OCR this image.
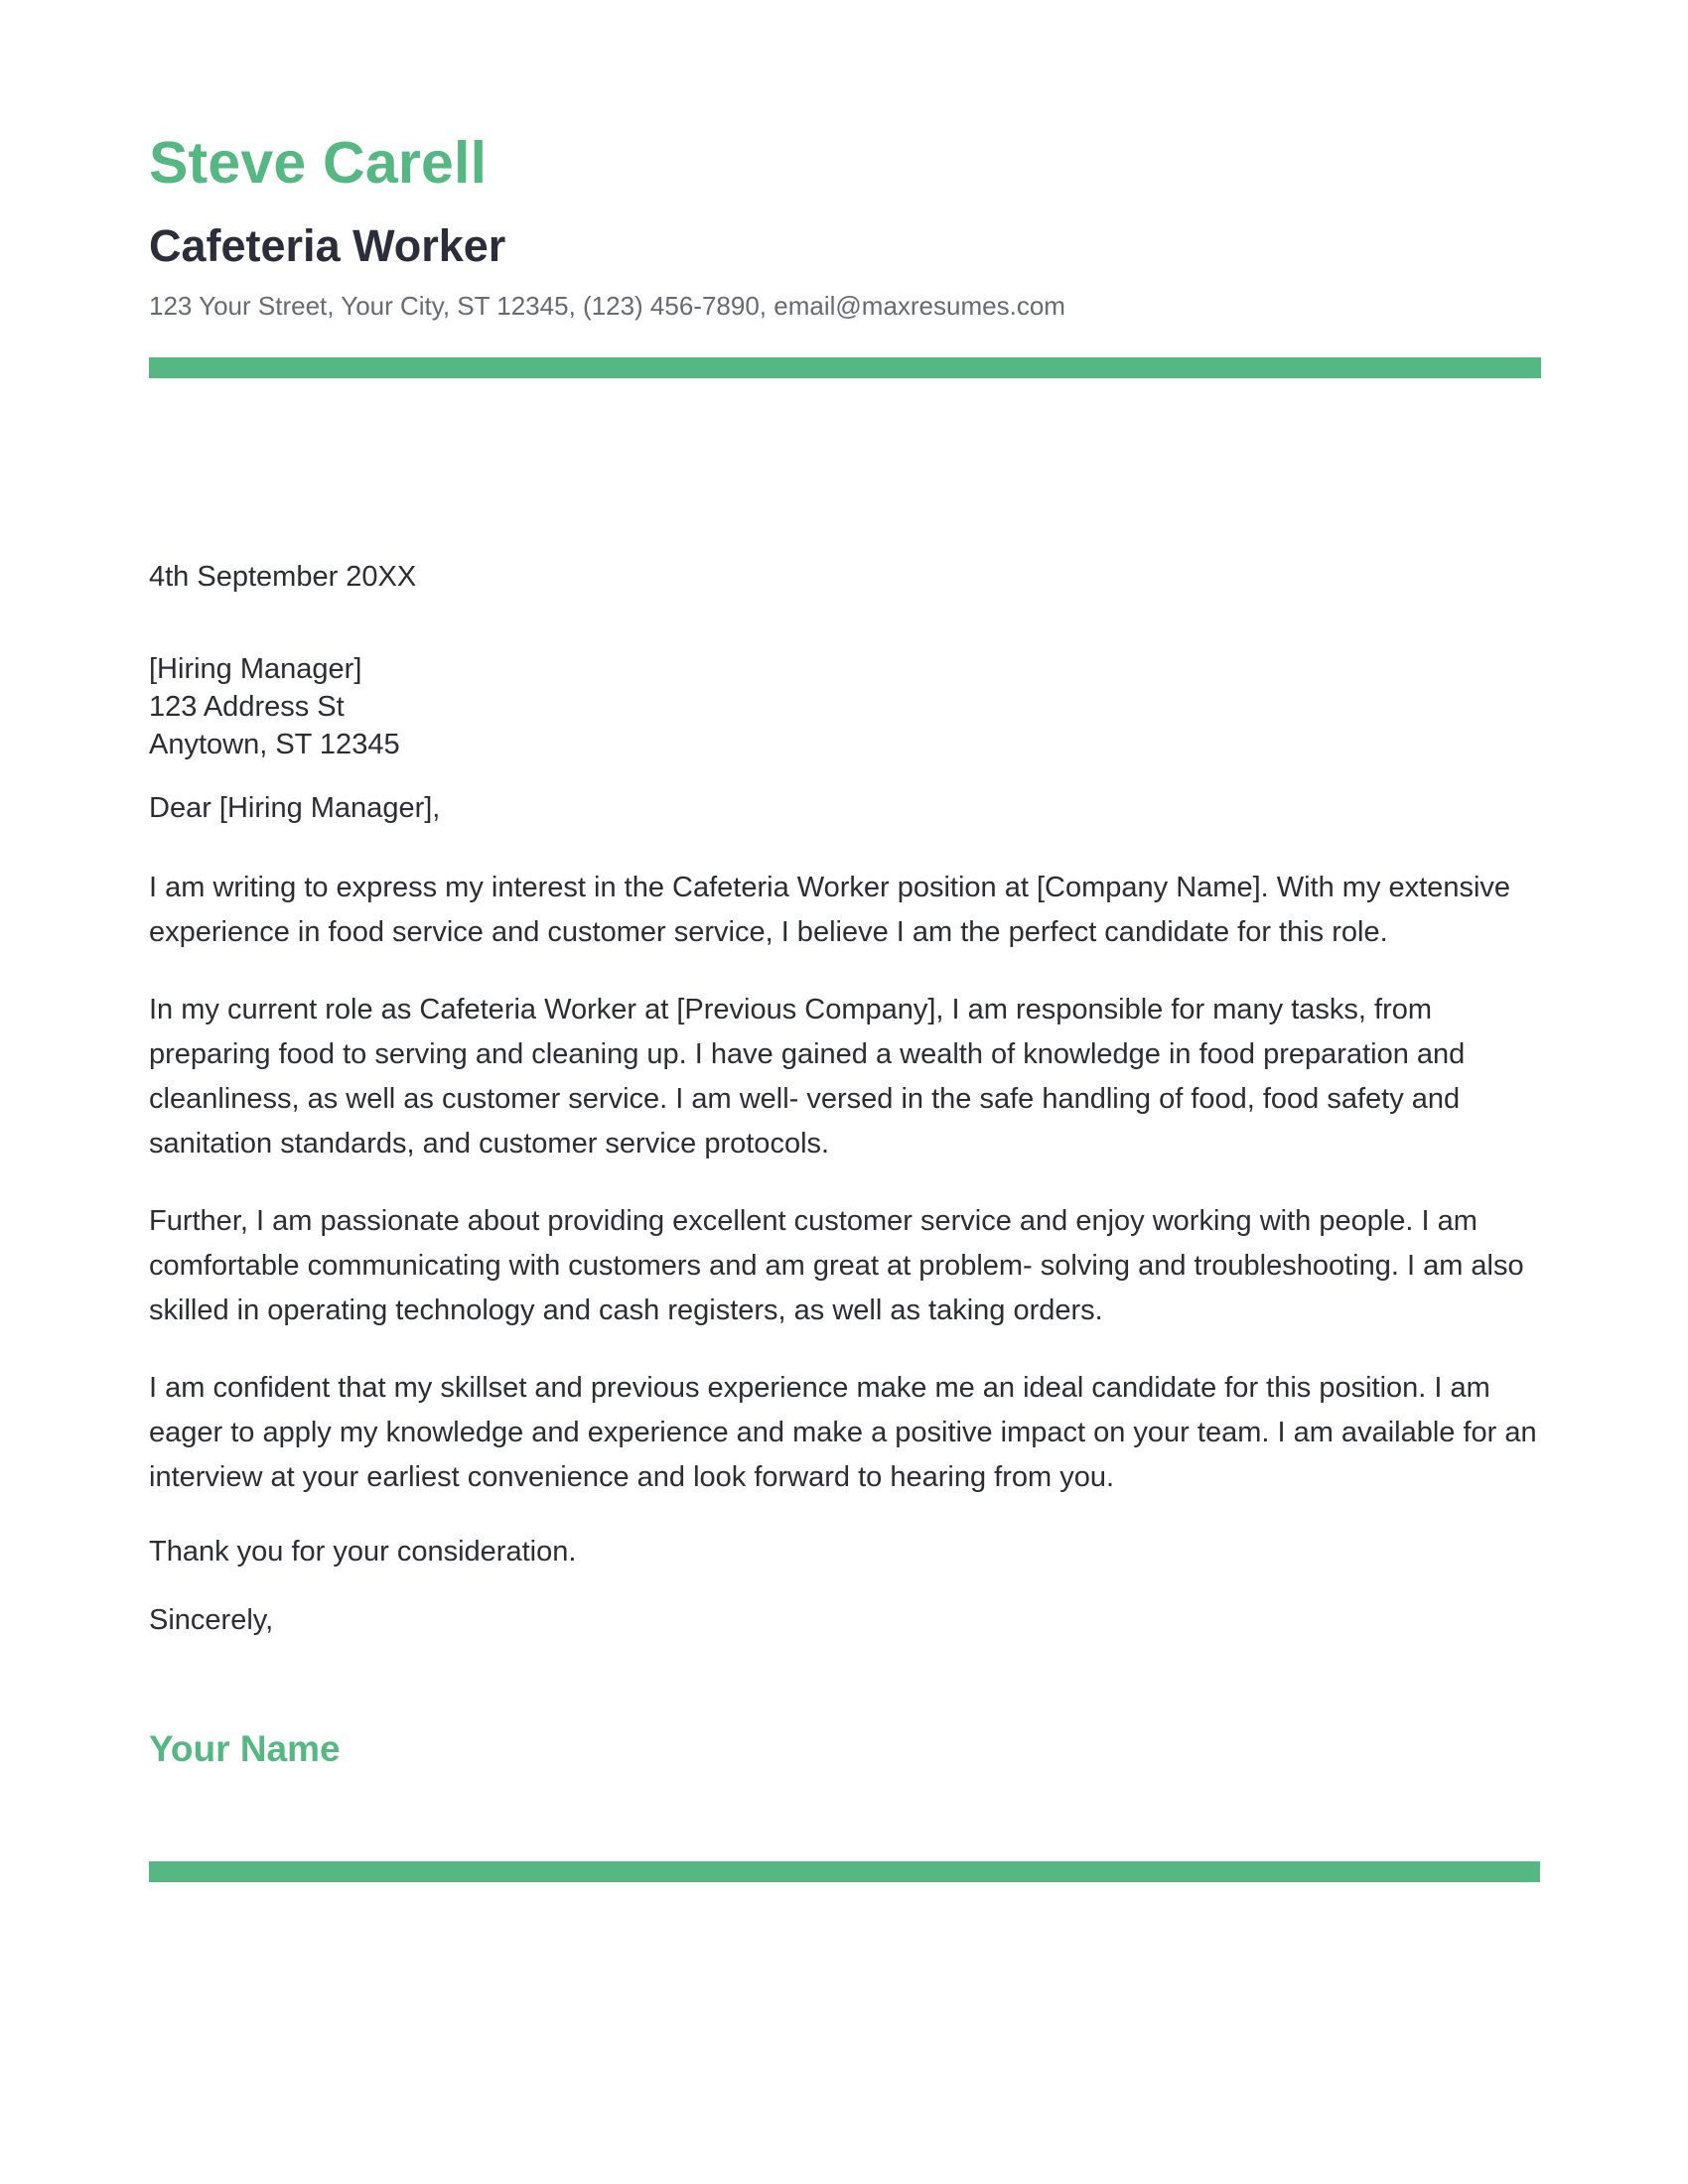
Steve Carell
Cafeteria Worker
123 Your Street, Your City, ST 12345, (123) 456-7890, email@maxresumes.com
4th September 20XX
[Hiring Manager]
123 Address St
Anytown, ST 12345
Dear [Hiring Manager],

I am writing to express my interest in the Cafeteria Worker position at [Company Name]. With my extensive experience in food service and customer service, I believe I am the perfect candidate for this role.

In my current role as Cafeteria Worker at [Previous Company], I am responsible for many tasks, from preparing food to serving and cleaning up. I have gained a wealth of knowledge in food preparation and cleanliness, as well as customer service. I am well- versed in the safe handling of food, food safety and sanitation standards, and customer service protocols.

Further, I am passionate about providing excellent customer service and enjoy working with people. I am comfortable communicating with customers and am great at problem- solving and troubleshooting. I am also skilled in operating technology and cash registers, as well as taking orders.

I am confident that my skillset and previous experience make me an ideal candidate for this position. I am eager to apply my knowledge and experience and make a positive impact on your team. I am available for an interview at your earliest convenience and look forward to hearing from you.

Thank you for your consideration.

Sincerely,

Your Name
